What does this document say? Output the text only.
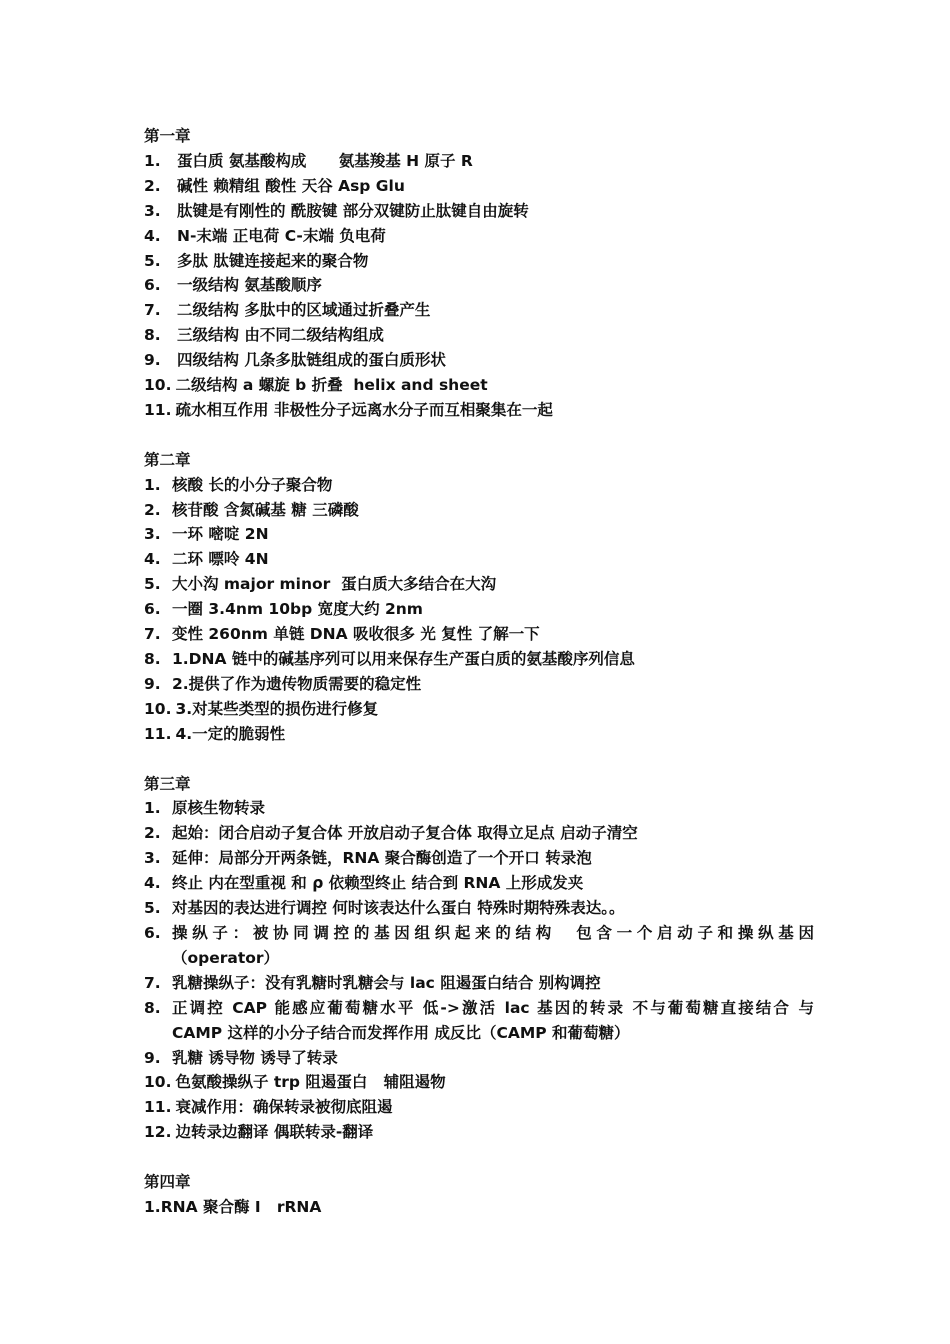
第一章
1.	蛋白质 氨基酸构成      氨基羧基 H 原子 R
2.	碱性 赖精组 酸性 天谷 Asp Glu
3.	肽键是有刚性的 酰胺键 部分双键防止肽键自由旋转
4.	N-末端 正电荷 C-末端 负电荷
5.	多肽 肽键连接起来的聚合物
6.	一级结构 氨基酸顺序
7.	二级结构 多肽中的区域通过折叠产生
8.	三级结构 由不同二级结构组成
9.	四级结构 几条多肽链组成的蛋白质形状
10. 二级结构 a 螺旋 b 折叠  helix and sheet
11. 疏水相互作用 非极性分子远离水分子而互相聚集在一起
第二章
1. 核酸 长的小分子聚合物
2. 核苷酸 含氮碱基 糖 三磷酸
3. 一环 嘧啶 2N
4. 二环 嘌呤 4N
5. 大小沟 major minor  蛋白质大多结合在大沟
6. 一圈 3.4nm 10bp 宽度大约 2nm
7. 变性 260nm 单链 DNA 吸收很多 光 复性 了解一下
8. 1.DNA 链中的碱基序列可以用来保存生产蛋白质的氨基酸序列信息
9. 2.提供了作为遗传物质需要的稳定性
10. 3.对某些类型的损伤进行修复
11. 4.一定的脆弱性
第三章
1. 原核生物转录
2. 起始：闭合启动子复合体 开放启动子复合体 取得立足点 启动子清空
3. 延伸：局部分开两条链，RNA 聚合酶创造了一个开口 转录泡
4. 终止 内在型重视 和 ρ 依赖型终止 结合到 RNA 上形成发夹
5. 对基因的表达进行调控 何时该表达什么蛋白 特殊时期特殊表达。。
6. 操纵子：被协同调控的基因组织起来的结构  包含一个启动子和操纵基因
（operator）
7. 乳糖操纵子：没有乳糖时乳糖会与 lac 阻遏蛋白结合 别构调控
8. 正调控 CAP 能感应葡萄糖水平 低->激活 lac 基因的转录 不与葡萄糖直接结合 与
CAMP 这样的小分子结合而发挥作用 成反比（CAMP 和葡萄糖）
9. 乳糖 诱导物 诱导了转录
10. 色氨酸操纵子 trp 阻遏蛋白   辅阻遏物
11. 衰减作用：确保转录被彻底阻遏
12. 边转录边翻译 偶联转录-翻译
第四章
1. RNA 聚合酶 I   rRNA
